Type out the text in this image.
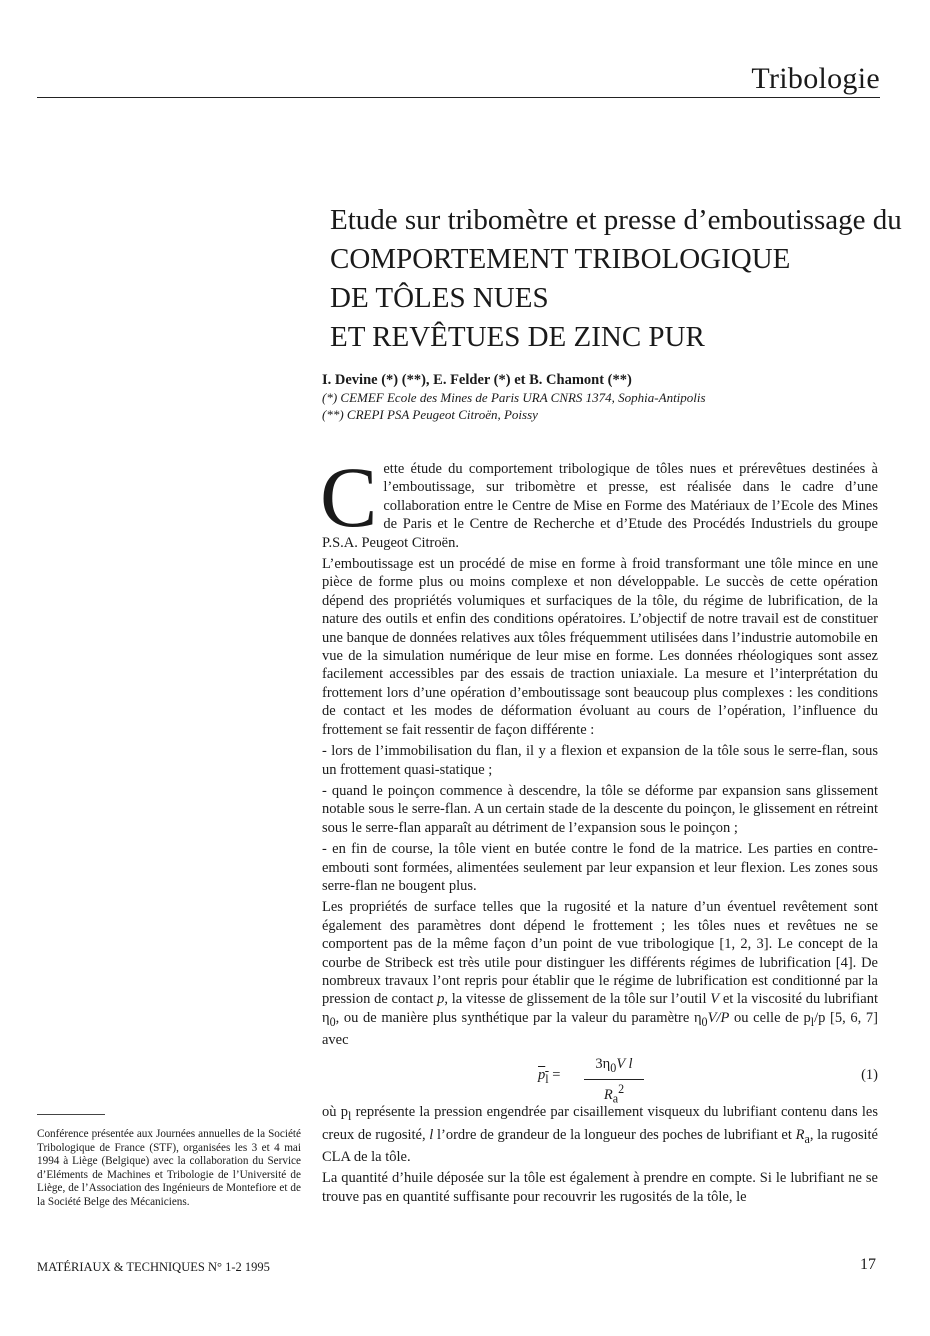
Tribologie
Etude sur tribomètre et presse d’emboutissage du
COMPORTEMENT TRIBOLOGIQUE
DE TÔLES NUES
ET REVÊTUES DE ZINC PUR
I. Devine (*) (**), E. Felder (*) et B. Chamont (**)
(*) CEMEF Ecole des Mines de Paris URA CNRS 1374, Sophia-Antipolis
(**) CREPI PSA Peugeot Citroën, Poissy

Cette étude du comportement tribologique de tôles nues et prérevêtues destinées à l’emboutissage, sur tribomètre et presse, est réalisée dans le cadre d’une collaboration entre le Centre de Mise en Forme des Matériaux de l’Ecole des Mines de Paris et le Centre de Recherche et d’Etude des Procédés Industriels du groupe P.S.A. Peugeot Citroën.

L’emboutissage est un procédé de mise en forme à froid transformant une tôle mince en une pièce de forme plus ou moins complexe et non développable. Le succès de cette opération dépend des propriétés volumiques et surfaciques de la tôle, du régime de lubrification, de la nature des outils et enfin des conditions opératoires. L’objectif de notre travail est de constituer une banque de données relatives aux tôles fréquemment utilisées dans l’industrie automobile en vue de la simulation numérique de leur mise en forme. Les données rhéologiques sont assez facilement accessibles par des essais de traction uniaxiale. La mesure et l’interprétation du frottement lors d’une opération d’emboutissage sont beaucoup plus complexes : les conditions de contact et les modes de déformation évoluant au cours de l’opération, l’influence du frottement se fait ressentir de façon différente :

- lors de l’immobilisation du flan, il y a flexion et expansion de la tôle sous le serre-flan, sous un frottement quasi-statique ;

- quand le poinçon commence à descendre, la tôle se déforme par expansion sans glissement notable sous le serre-flan. A un certain stade de la descente du poinçon, le glissement en rétreint sous le serre-flan apparaît au détriment de l’expansion sous le poinçon ;

- en fin de course, la tôle vient en butée contre le fond de la matrice. Les parties en contre-embouti sont formées, alimentées seulement par leur expansion et leur flexion. Les zones sous serre-flan ne bougent plus.

Les propriétés de surface telles que la rugosité et la nature d’un éventuel revêtement sont également des paramètres dont dépend le frottement ; les tôles nues et revêtues ne se comportent pas de la même façon d’un point de vue tribologique [1, 2, 3]. Le concept de la courbe de Stribeck est très utile pour distinguer les différents régimes de lubrification [4]. De nombreux travaux l’ont repris pour établir que le régime de lubrification est conditionné par la pression de contact p, la vitesse de glissement de la tôle sur l’outil V et la viscosité du lubrifiant $\eta_0$, ou de manière plus synthétique par la valeur du paramètre $\eta_0V/P$ ou celle de $p_l/p$ [5, 6, 7] avec

$p_l = \frac{3\eta_0V l}{R_a^2}$	(1)

où $p_l$ représente la pression engendrée par cisaillement visqueux du lubrifiant contenu dans les creux de rugosité, l l’ordre de grandeur de la longueur des poches de lubrifiant et $R_a$, la rugosité CLA de la tôle.

La quantité d’huile déposée sur la tôle est également à prendre en compte. Si le lubrifiant ne se trouve pas en quantité suffisante pour recouvrir les rugosités de la tôle, le

Conférence présentée aux Journées annuelles de la Société Tribologique de France (STF), organisées les 3 et 4 mai 1994 à Liège (Belgique) avec la collaboration du Service d’Eléments de Machines et Tribologie de l’Université de Liège, de l’Association des Ingénieurs de Montefiore et de la Société Belge des Mécaniciens.
MATÉRIAUX & TECHNIQUES N° 1-2 1995	17
